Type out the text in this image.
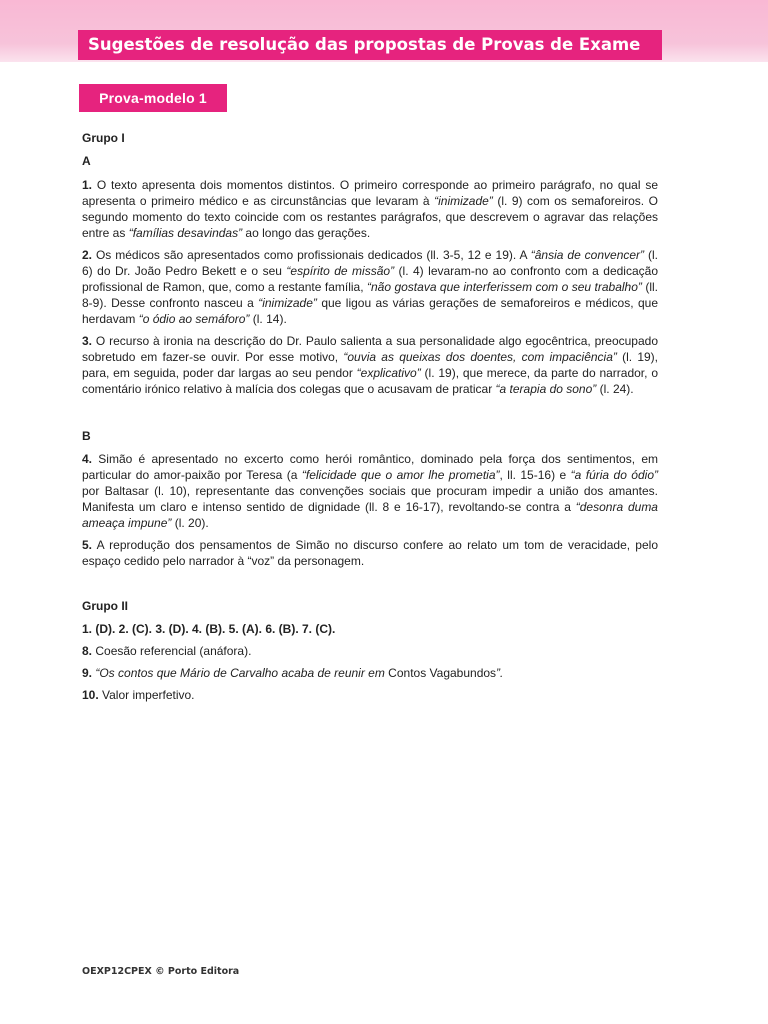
Sugestões de resolução das propostas de Provas de Exame
Prova-modelo 1

Grupo I

A

1. O texto apresenta dois momentos distintos. O primeiro corresponde ao primeiro parágrafo, no qual se apresenta o primeiro médico e as circunstâncias que levaram à “inimizade” (l. 9) com os semaforeiros. O segundo momento do texto coincide com os restantes parágrafos, que descrevem o agravar das relações entre as “famílias desavindas” ao longo das gerações.

2. Os médicos são apresentados como profissionais dedicados (ll. 3-5, 12 e 19). A “ânsia de convencer” (l. 6) do Dr. João Pedro Bekett e o seu “espírito de missão” (l. 4) levaram-no ao confronto com a dedicação profissional de Ramon, que, como a restante família, “não gostava que interferissem com o seu trabalho” (ll. 8-9). Desse confronto nasceu a “inimizade” que ligou as várias gerações de semaforeiros e médicos, que herdavam “o ódio ao semáforo” (l. 14).

3. O recurso à ironia na descrição do Dr. Paulo salienta a sua personalidade algo egocêntrica, preocupado sobretudo em fazer-se ouvir. Por esse motivo, “ouvia as queixas dos doentes, com impaciência” (l. 19), para, em seguida, poder dar largas ao seu pendor “explicativo” (l. 19), que merece, da parte do narrador, o comentário irónico relativo à malícia dos colegas que o acusavam de praticar “a terapia do sono” (l. 24).

B

4. Simão é apresentado no excerto como herói romântico, dominado pela força dos sentimentos, em particular do amor-paixão por Teresa (a “felicidade que o amor lhe prometia”, ll. 15-16) e “a fúria do ódio” por Baltasar (l. 10), representante das convenções sociais que procuram impedir a união dos amantes. Manifesta um claro e intenso sentido de dignidade (ll. 8 e 16-17), revoltando-se contra a “desonra duma ameaça impune” (l. 20).

5. A reprodução dos pensamentos de Simão no discurso confere ao relato um tom de veracidade, pelo espaço cedido pelo narrador à “voz” da personagem.

Grupo II

1. (D). 2. (C). 3. (D). 4. (B). 5. (A). 6. (B). 7. (C).

8. Coesão referencial (anáfora).

9. “Os contos que Mário de Carvalho acaba de reunir em Contos Vagabundos”.

10. Valor imperfetivo.

OEXP12CPEX © Porto Editora
